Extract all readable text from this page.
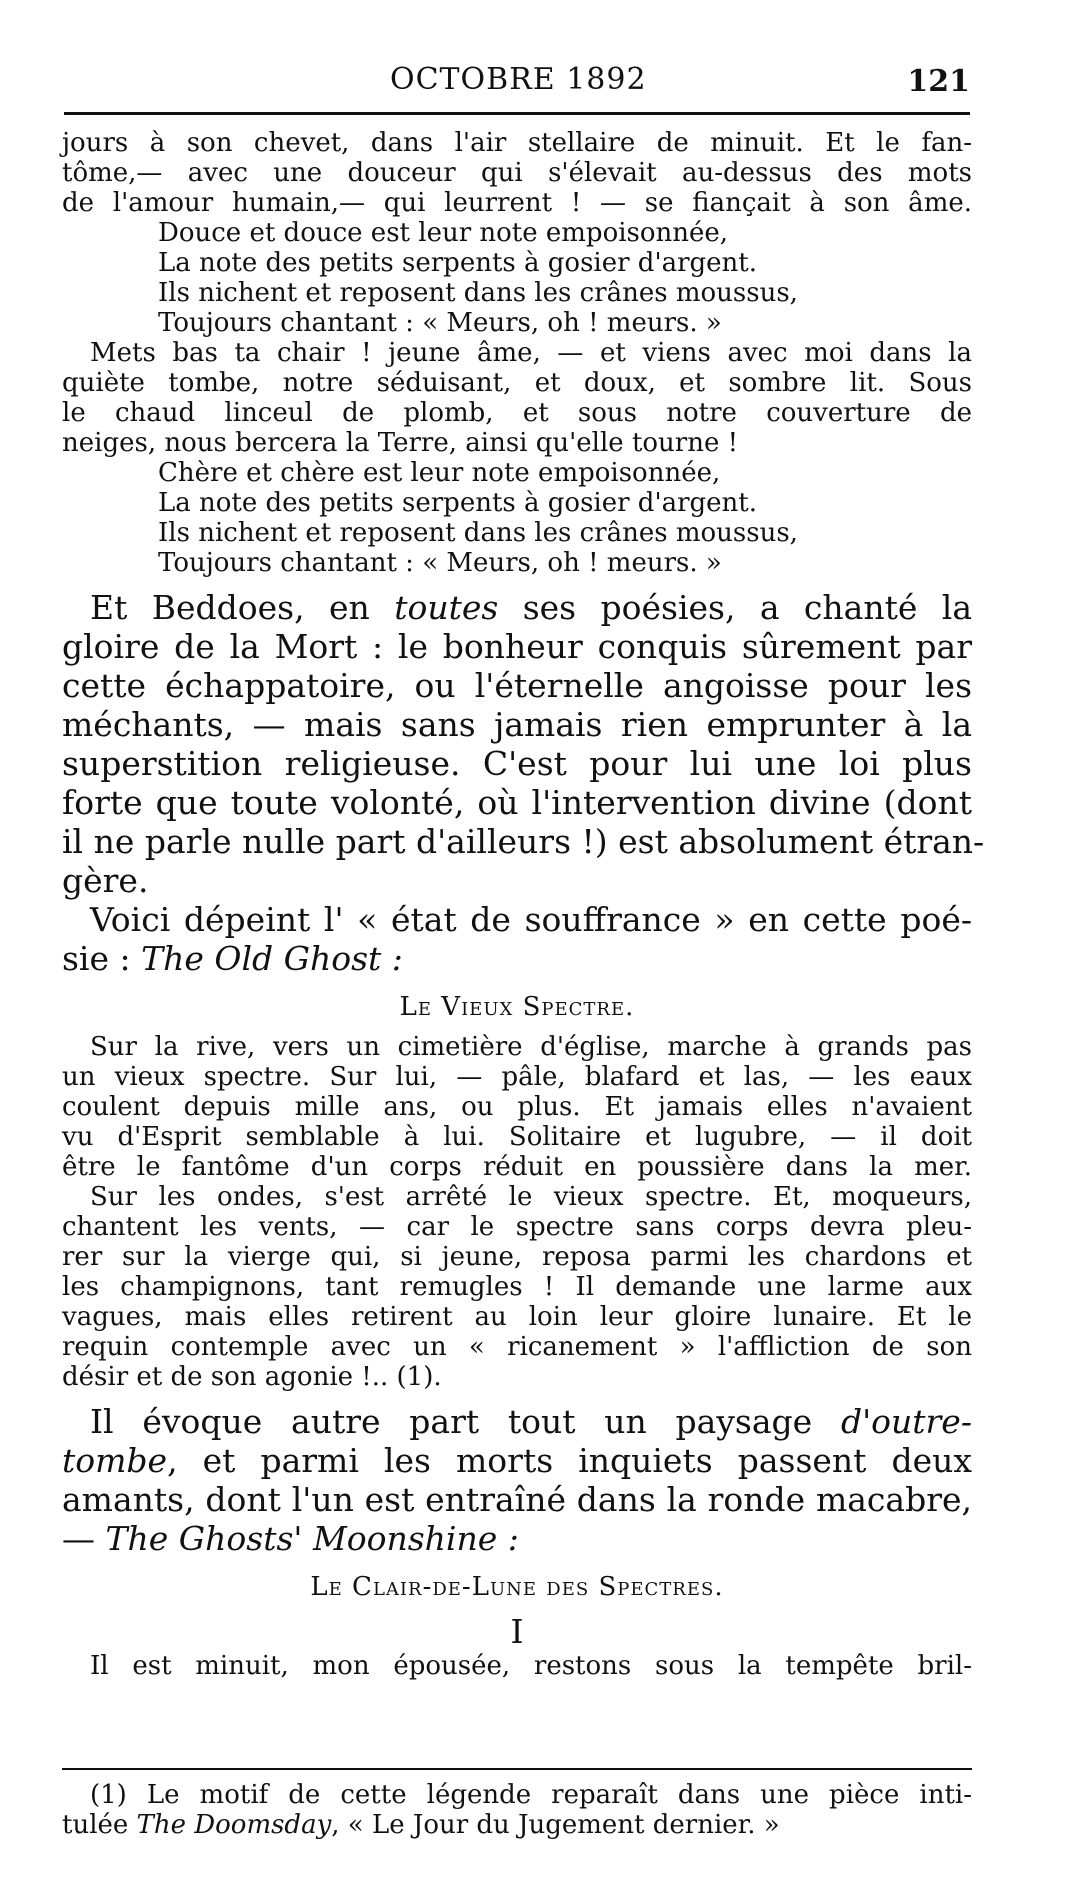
OCTOBRE 1892	121
jours à son chevet, dans l'air stellaire de minuit. Et le fan-
tôme,— avec une douceur qui s'élevait au-dessus des mots
de l'amour humain,— qui leurrent ! — se fiançait à son âme.
Douce et douce est leur note empoisonnée,
La note des petits serpents à gosier d'argent.
Ils nichent et reposent dans les crânes moussus,
Toujours chantant : « Meurs, oh ! meurs. »
Mets bas ta chair ! jeune âme, — et viens avec moi dans la
quiète tombe, notre séduisant, et doux, et sombre lit. Sous
le chaud linceul de plomb, et sous notre couverture de
neiges, nous bercera la Terre, ainsi qu'elle tourne !
Chère et chère est leur note empoisonnée,
La note des petits serpents à gosier d'argent.
Ils nichent et reposent dans les crânes moussus,
Toujours chantant : « Meurs, oh ! meurs. »
Et Beddoes, en toutes ses poésies, a chanté la
gloire de la Mort : le bonheur conquis sûrement par
cette échappatoire, ou l'éternelle angoisse pour les
méchants, — mais sans jamais rien emprunter à la
superstition religieuse. C'est pour lui une loi plus
forte que toute volonté, où l'intervention divine (dont
il ne parle nulle part d'ailleurs !) est absolument étran-
gère.
Voici dépeint l' « état de souffrance » en cette poé-
sie : The Old Ghost :
Le Vieux Spectre.
Sur la rive, vers un cimetière d'église, marche à grands pas
un vieux spectre. Sur lui, — pâle, blafard et las, — les eaux
coulent depuis mille ans, ou plus. Et jamais elles n'avaient
vu d'Esprit semblable à lui. Solitaire et lugubre, — il doit
être le fantôme d'un corps réduit en poussière dans la mer.
Sur les ondes, s'est arrêté le vieux spectre. Et, moqueurs,
chantent les vents, — car le spectre sans corps devra pleu-
rer sur la vierge qui, si jeune, reposa parmi les chardons et
les champignons, tant remugles ! Il demande une larme aux
vagues, mais elles retirent au loin leur gloire lunaire. Et le
requin contemple avec un « ricanement » l'affliction de son
désir et de son agonie !.. (1).
Il évoque autre part tout un paysage d'outre-
tombe, et parmi les morts inquiets passent deux
amants, dont l'un est entraîné dans la ronde macabre,
— The Ghosts' Moonshine :
Le Clair-de-Lune des Spectres.
I
Il est minuit, mon épousée, restons sous la tempête bril-
(1) Le motif de cette légende reparaît dans une pièce inti-
tulée The Doomsday, « Le Jour du Jugement dernier. »
